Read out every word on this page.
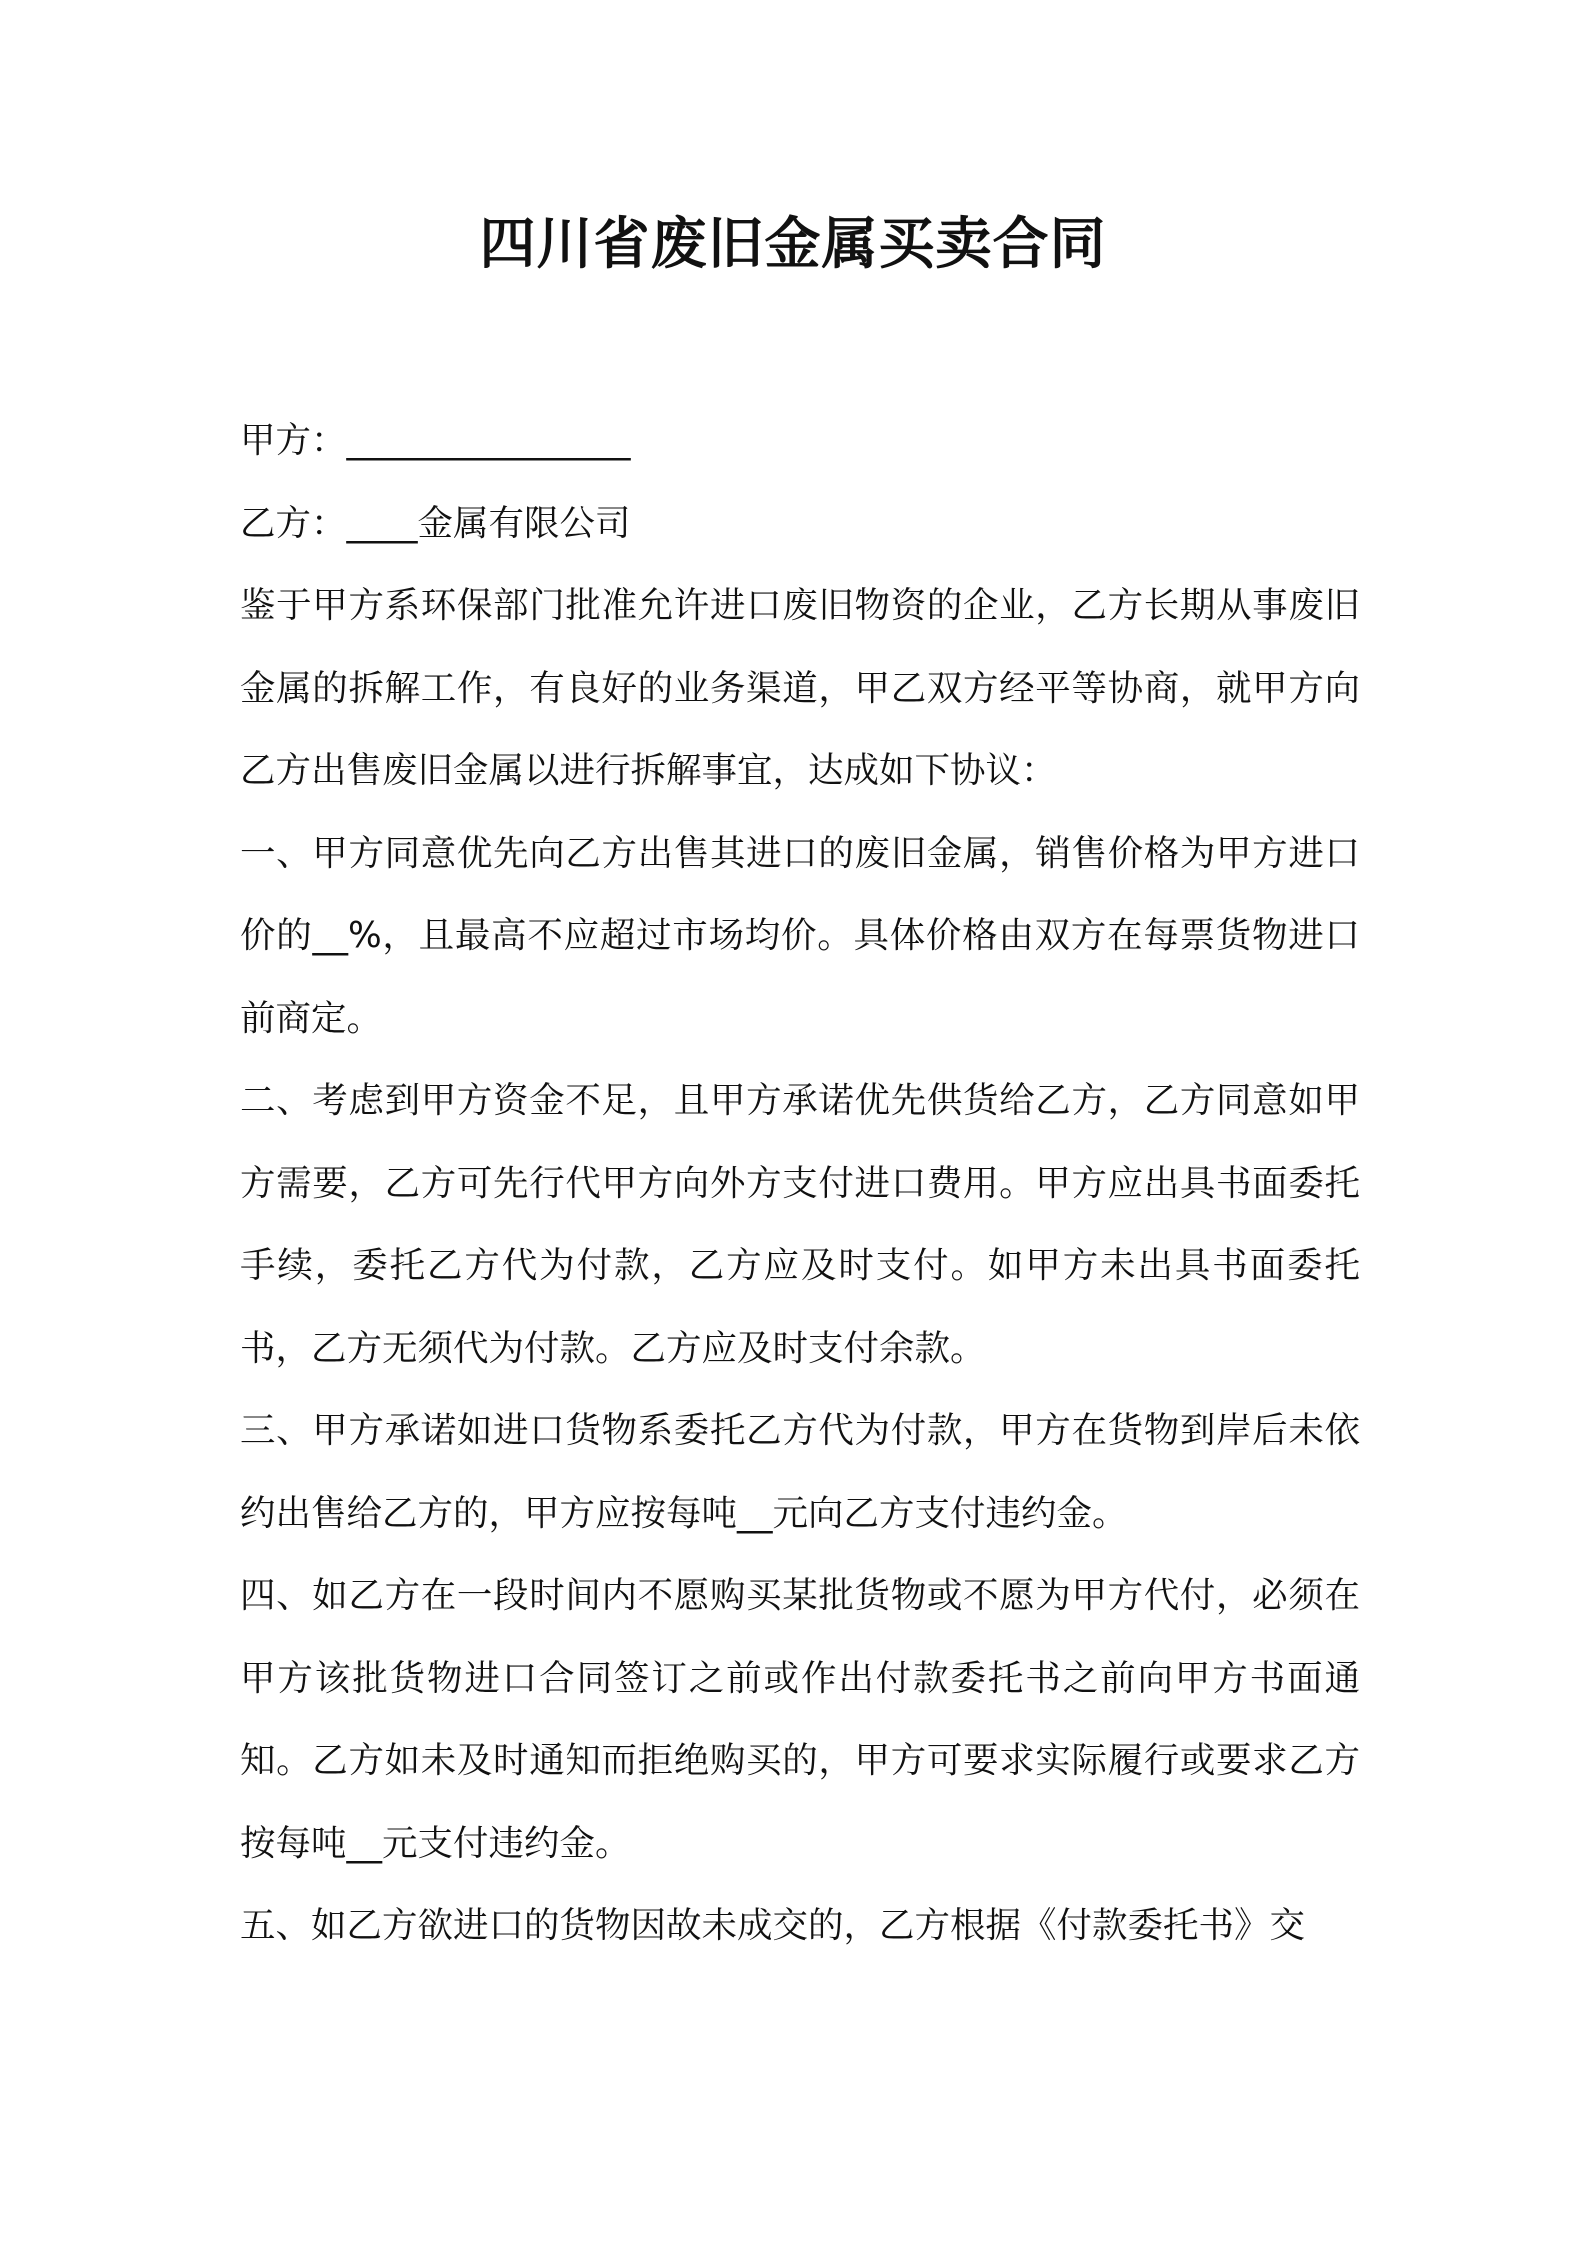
四川省废旧金属买卖合同

甲方：________________

乙方：____金属有限公司

鉴于甲方系环保部门批准允许进口废旧物资的企业，乙方长期从事废旧金属的拆解工作，有良好的业务渠道，甲乙双方经平等协商，就甲方向乙方出售废旧金属以进行拆解事宜，达成如下协议：

一、甲方同意优先向乙方出售其进口的废旧金属，销售价格为甲方进口价的__%，且最高不应超过市场均价。具体价格由双方在每票货物进口前商定。

二、考虑到甲方资金不足，且甲方承诺优先供货给乙方，乙方同意如甲方需要，乙方可先行代甲方向外方支付进口费用。甲方应出具书面委托手续，委托乙方代为付款，乙方应及时支付。如甲方未出具书面委托书，乙方无须代为付款。乙方应及时支付余款。

三、甲方承诺如进口货物系委托乙方代为付款，甲方在货物到岸后未依约出售给乙方的，甲方应按每吨__元向乙方支付违约金。

四、如乙方在一段时间内不愿购买某批货物或不愿为甲方代付，必须在甲方该批货物进口合同签订之前或作出付款委托书之前向甲方书面通知。乙方如未及时通知而拒绝购买的，甲方可要求实际履行或要求乙方按每吨__元支付违约金。

五、如乙方欲进口的货物因故未成交的，乙方根据《付款委托书》交
